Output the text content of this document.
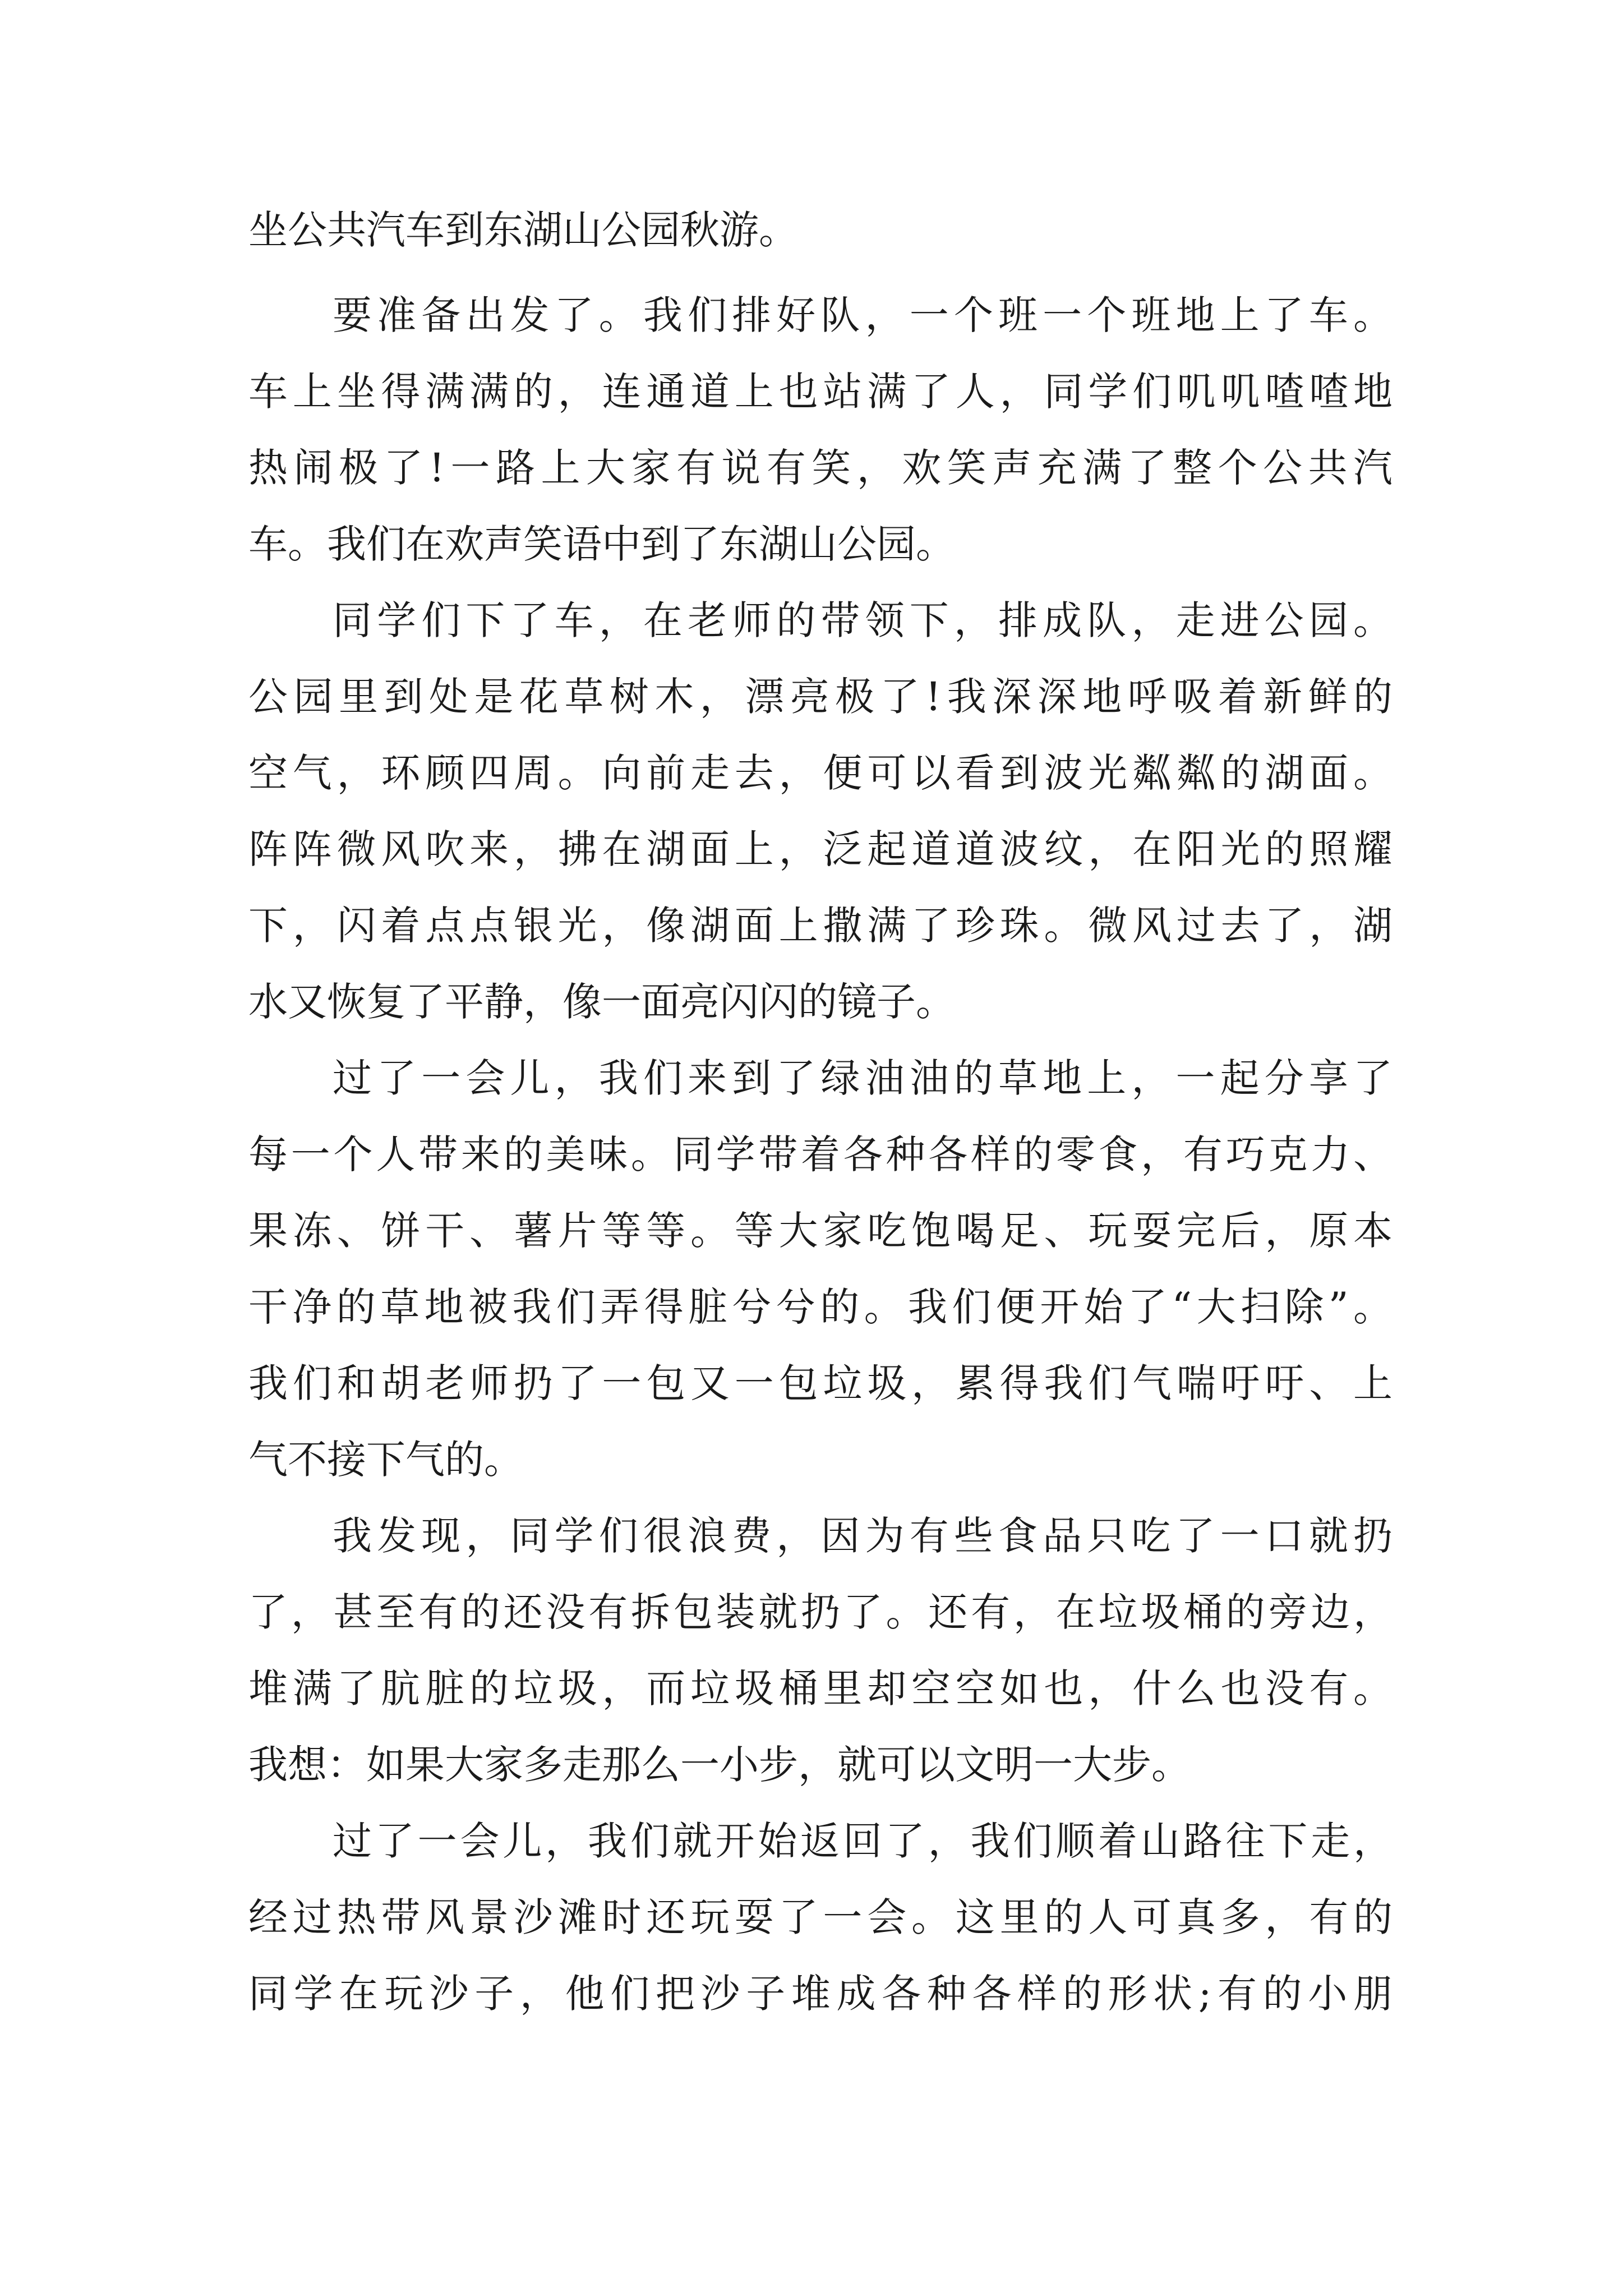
坐公共汽车到东湖山公园秋游。
要准备出发了。我们排好队，一个班一个班地上了车。
车上坐得满满的，连通道上也站满了人，同学们叽叽喳喳地
热闹极了!一路上大家有说有笑，欢笑声充满了整个公共汽
车。我们在欢声笑语中到了东湖山公园。
同学们下了车，在老师的带领下，排成队，走进公园。
公园里到处是花草树木，漂亮极了!我深深地呼吸着新鲜的
空气，环顾四周。向前走去，便可以看到波光粼粼的湖面。
阵阵微风吹来，拂在湖面上，泛起道道波纹，在阳光的照耀
下，闪着点点银光，像湖面上撒满了珍珠。微风过去了，湖
水又恢复了平静，像一面亮闪闪的镜子。
过了一会儿，我们来到了绿油油的草地上，一起分享了
每一个人带来的美味。同学带着各种各样的零食，有巧克力、
果冻、饼干、薯片等等。等大家吃饱喝足、玩耍完后，原本
干净的草地被我们弄得脏兮兮的。我们便开始了“大扫除”。
我们和胡老师扔了一包又一包垃圾，累得我们气喘吁吁、上
气不接下气的。
我发现，同学们很浪费，因为有些食品只吃了一口就扔
了，甚至有的还没有拆包装就扔了。还有，在垃圾桶的旁边，
堆满了肮脏的垃圾，而垃圾桶里却空空如也，什么也没有。
我想：如果大家多走那么一小步，就可以文明一大步。
过了一会儿，我们就开始返回了，我们顺着山路往下走，
经过热带风景沙滩时还玩耍了一会。这里的人可真多，有的
同学在玩沙子，他们把沙子堆成各种各样的形状;有的小朋
